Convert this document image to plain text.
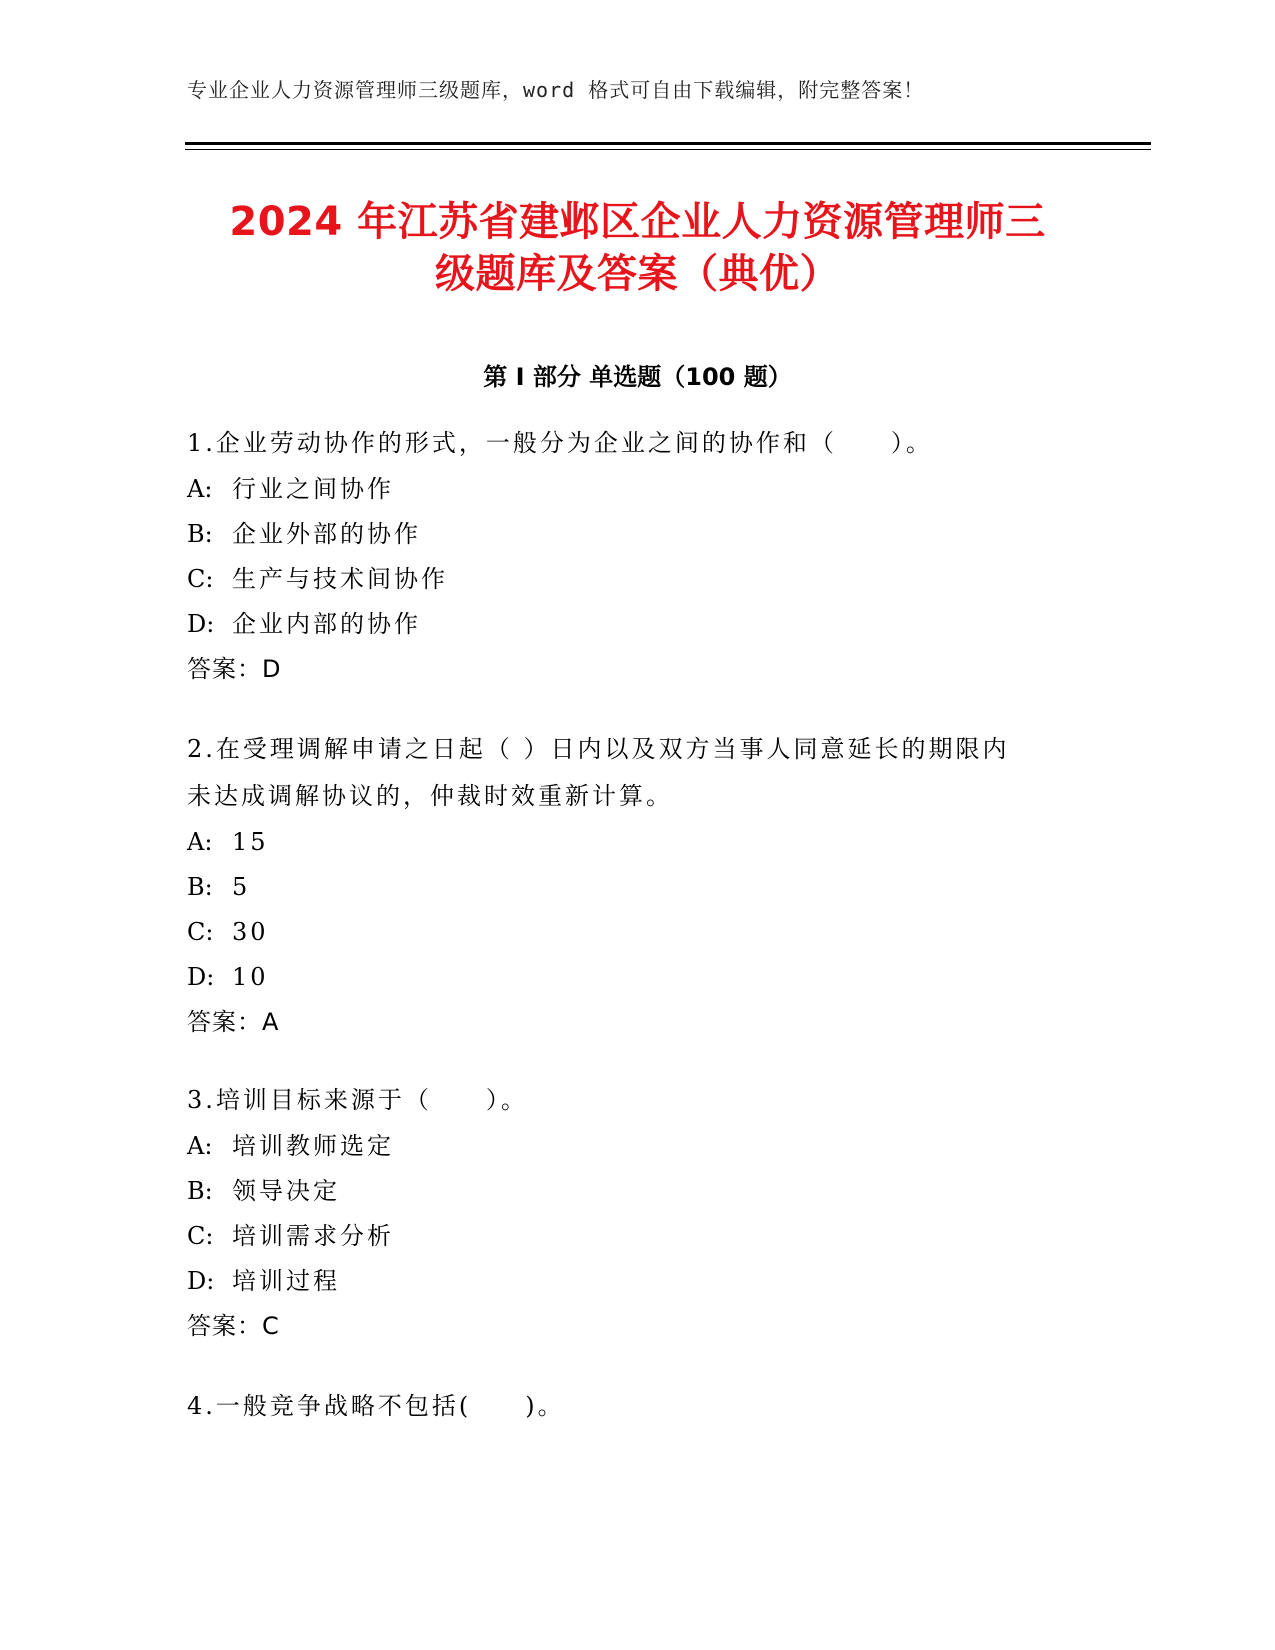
专业企业人力资源管理师三级题库，word 格式可自由下载编辑，附完整答案！
2024 年江苏省建邺区企业人力资源管理师三
级题库及答案（典优）
第 I 部分 单选题（100 题）

1.企业劳动协作的形式，一般分为企业之间的协作和（　　）。

A: 行业之间协作

B: 企业外部的协作

C: 生产与技术间协作

D: 企业内部的协作

答案：D

2.在受理调解申请之日起（ ）日内以及双方当事人同意延长的期限内

未达成调解协议的，仲裁时效重新计算。

A: 15

B: 5

C: 30

D: 10

答案：A

3.培训目标来源于（　　）。

A: 培训教师选定

B: 领导决定

C: 培训需求分析

D: 培训过程

答案：C

4.一般竞争战略不包括(　　)。
